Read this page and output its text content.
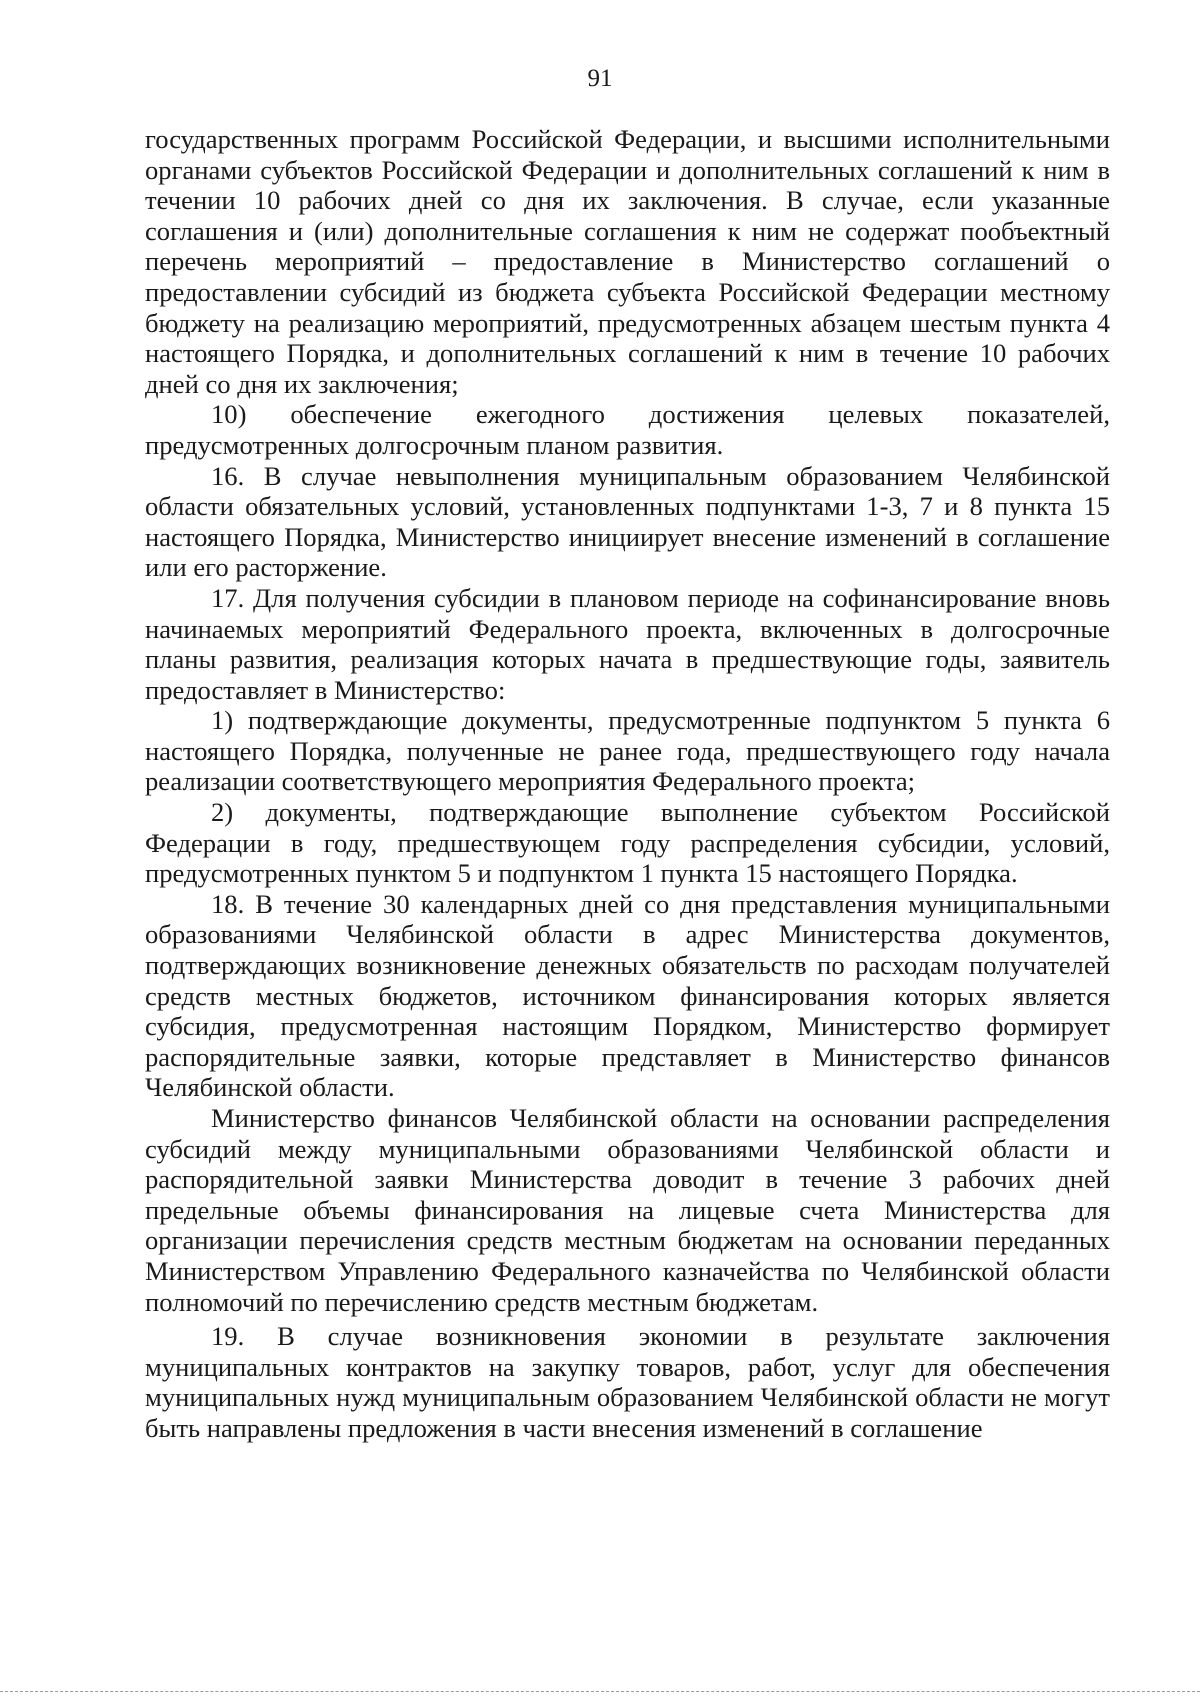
91

государственных программ Российской Федерации, и высшими исполнительными органами субъектов Российской Федерации и дополнительных соглашений к ним в течении 10 рабочих дней со дня их заключения. В случае, если указанные соглашения и (или) дополнительные соглашения к ним не содержат пообъектный перечень мероприятий – предоставление в Министерство соглашений о предоставлении субсидий из бюджета субъекта Российской Федерации местному бюджету на реализацию мероприятий, предусмотренных абзацем шестым пункта 4 настоящего Порядка, и дополнительных соглашений к ним в течение 10 рабочих дней со дня их заключения;

10) обеспечение ежегодного достижения целевых показателей, предусмотренных долгосрочным планом развития.

16. В случае невыполнения муниципальным образованием Челябинской области обязательных условий, установленных подпунктами 1-3, 7 и 8 пункта 15 настоящего Порядка, Министерство инициирует внесение изменений в соглашение или его расторжение.

17. Для получения субсидии в плановом периоде на софинансирование вновь начинаемых мероприятий Федерального проекта, включенных в долгосрочные планы развития, реализация которых начата в предшествующие годы, заявитель предоставляет в Министерство:

1) подтверждающие документы, предусмотренные подпунктом 5 пункта 6 настоящего Порядка, полученные не ранее года, предшествующего году начала реализации соответствующего мероприятия Федерального проекта;

2) документы, подтверждающие выполнение субъектом Российской Федерации в году, предшествующем году распределения субсидии, условий, предусмотренных пунктом 5 и подпунктом 1 пункта 15 настоящего Порядка.

18. В течение 30 календарных дней со дня представления муниципальными образованиями Челябинской области в адрес Министерства документов, подтверждающих возникновение денежных обязательств по расходам получателей средств местных бюджетов, источником финансирования которых является субсидия, предусмотренная настоящим Порядком, Министерство формирует распорядительные заявки, которые представляет в Министерство финансов Челябинской области.

Министерство финансов Челябинской области на основании распределения субсидий между муниципальными образованиями Челябинской области и распорядительной заявки Министерства доводит в течение 3 рабочих дней предельные объемы финансирования на лицевые счета Министерства для организации перечисления средств местным бюджетам на основании переданных Министерством Управлению Федерального казначейства по Челябинской области полномочий по перечислению средств местным бюджетам.

19. В случае возникновения экономии в результате заключения муниципальных контрактов на закупку товаров, работ, услуг для обеспечения муниципальных нужд муниципальным образованием Челябинской области не могут быть направлены предложения в части внесения изменений в соглашение
